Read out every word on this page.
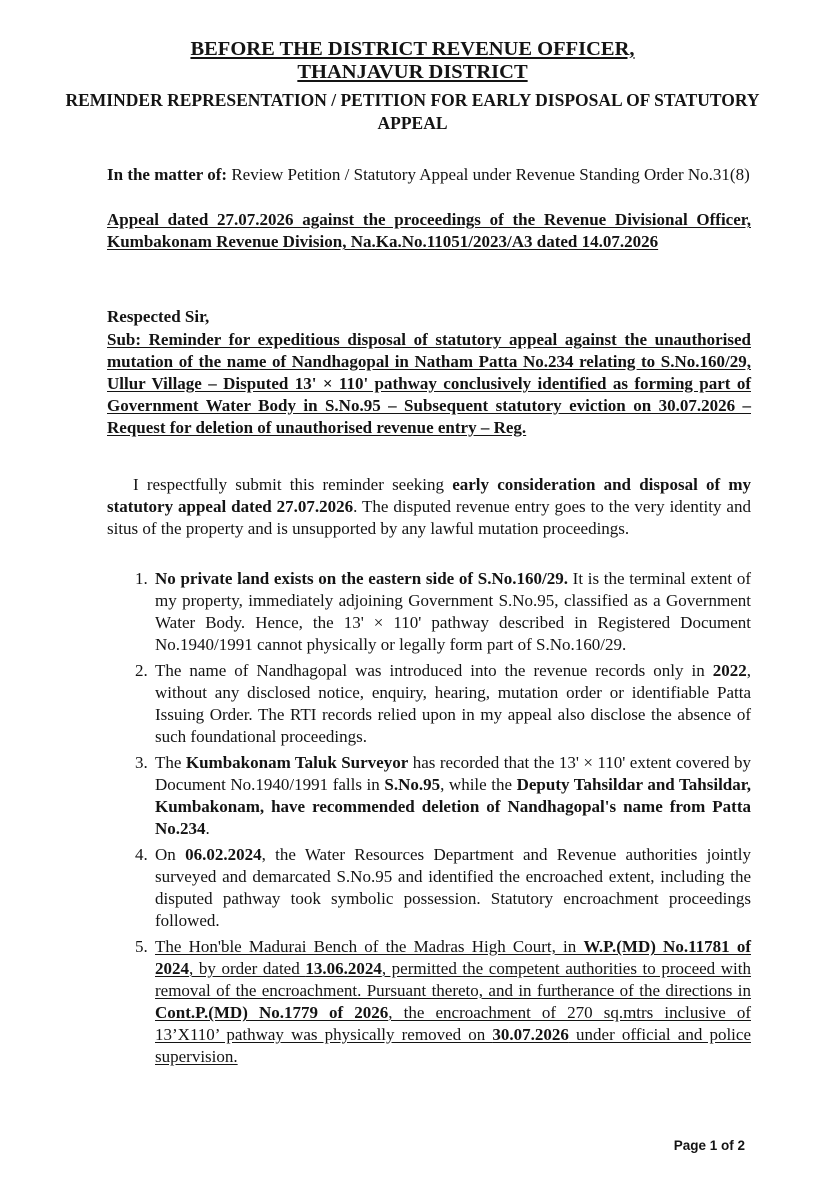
BEFORE THE DISTRICT REVENUE OFFICER,
THANJAVUR DISTRICT
REMINDER REPRESENTATION / PETITION FOR EARLY DISPOSAL OF STATUTORY APPEAL
In the matter of: Review Petition / Statutory Appeal under Revenue Standing Order No.31(8)
Appeal dated 27.07.2026 against the proceedings of the Revenue Divisional Officer, Kumbakonam Revenue Division, Na.Ka.No.11051/2023/A3 dated 14.07.2026
Respected Sir,
Sub: Reminder for expeditious disposal of statutory appeal against the unauthorised mutation of the name of Nandhagopal in Natham Patta No.234 relating to S.No.160/29, Ullur Village – Disputed 13' × 110' pathway conclusively identified as forming part of Government Water Body in S.No.95 – Subsequent statutory eviction on 30.07.2026 – Request for deletion of unauthorised revenue entry – Reg.
I respectfully submit this reminder seeking early consideration and disposal of my statutory appeal dated 27.07.2026. The disputed revenue entry goes to the very identity and situs of the property and is unsupported by any lawful mutation proceedings.
1. No private land exists on the eastern side of S.No.160/29. It is the terminal extent of my property, immediately adjoining Government S.No.95, classified as a Government Water Body. Hence, the 13' × 110' pathway described in Registered Document No.1940/1991 cannot physically or legally form part of S.No.160/29.
2. The name of Nandhagopal was introduced into the revenue records only in 2022, without any disclosed notice, enquiry, hearing, mutation order or identifiable Patta Issuing Order. The RTI records relied upon in my appeal also disclose the absence of such foundational proceedings.
3. The Kumbakonam Taluk Surveyor has recorded that the 13' × 110' extent covered by Document No.1940/1991 falls in S.No.95, while the Deputy Tahsildar and Tahsildar, Kumbakonam, have recommended deletion of Nandhagopal's name from Patta No.234.
4. On 06.02.2024, the Water Resources Department and Revenue authorities jointly surveyed and demarcated S.No.95 and identified the encroached extent, including the disputed pathway took symbolic possession. Statutory encroachment proceedings followed.
5. The Hon'ble Madurai Bench of the Madras High Court, in W.P.(MD) No.11781 of 2024, by order dated 13.06.2024, permitted the competent authorities to proceed with removal of the encroachment. Pursuant thereto, and in furtherance of the directions in Cont.P.(MD) No.1779 of 2026, the encroachment of 270 sq.mtrs inclusive of 13’X110’ pathway was physically removed on 30.07.2026 under official and police supervision.
Page 1 of 2
